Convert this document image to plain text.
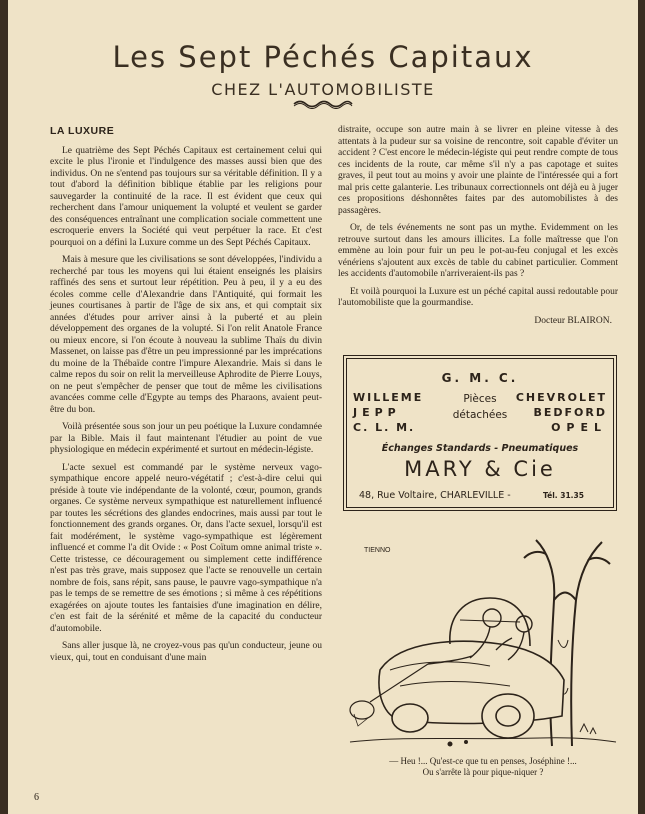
Les Sept Péchés Capitaux
CHEZ L'AUTOMOBILISTE

LA LUXURE

Le quatrième des Sept Péchés Capitaux est certainement celui qui excite le plus l'ironie et l'indulgence des masses aussi bien que des individus. On ne s'entend pas toujours sur sa véritable définition. Il y a tout d'abord la définition biblique établie par les religions pour sauvegarder la continuité de la race. Il est évident que ceux qui recherchent dans l'amour uniquement la volupté et veulent se garder des conséquences entraînant une complication sociale commettent une escroquerie envers la Société qui veut perpétuer la race. Et c'est pourquoi on a défini la Luxure comme un des Sept Péchés Capitaux.

Mais à mesure que les civilisations se sont développées, l'individu a recherché par tous les moyens qui lui étaient enseignés les plaisirs raffinés des sens et surtout leur répétition. Peu à peu, il y a eu des écoles comme celle d'Alexandrie dans l'Antiquité, qui formait les jeunes courtisanes à partir de l'âge de six ans, et qui comptait six années d'études pour arriver ainsi à la puberté et au plein développement des organes de la volupté. Si l'on relit Anatole France ou mieux encore, si l'on écoute à nouveau la sublime Thaïs du divin Massenet, on laisse pas d'être un peu impressionné par les imprécations du moine de la Thébaïde contre l'impure Alexandrie. Mais si dans le calme repos du soir on relit la merveilleuse Aphrodite de Pierre Louys, on ne peut s'empêcher de penser que tout de même les civilisations avancées comme celle d'Egypte au temps des Pharaons, avaient peut-être du bon.

Voilà présentée sous son jour un peu poétique la Luxure condamnée par la Bible. Mais il faut maintenant l'étudier au point de vue physiologique en médecin expérimenté et surtout en médecin-légiste.

L'acte sexuel est commandé par le système nerveux vago-sympathique encore appelé neuro-végétatif ; c'est-à-dire celui qui préside à toute vie indépendante de la volonté, cœur, poumon, grands organes. Ce système nerveux sympathique est naturellement influencé par toutes les sécrétions des glandes endocrines, mais aussi par tout le fonctionnement des grands organes. Or, dans l'acte sexuel, lorsqu'il est fait modérément, le système vago-sympathique est légèrement influencé et comme l'a dit Ovide : « Post Coïtum omne animal triste ». Cette tristesse, ce découragement ou simplement cette indifférence n'est pas très grave, mais supposez que l'acte se renouvelle un certain nombre de fois, sans répit, sans pause, le pauvre vago-sympathique n'a pas le temps de se remettre de ses émotions ; si même à ces répétitions exagérées on ajoute toutes les fantaisies d'une imagination en délire, c'en est fait de la sérénité et même de la capacité du conducteur d'automobile.

Sans aller jusque là, ne croyez-vous pas qu'un conducteur, jeune ou vieux, qui, tout en conduisant d'une main

distraite, occupe son autre main à se livrer en pleine vitesse à des attentats à la pudeur sur sa voisine de rencontre, soit capable d'éviter un accident ? C'est encore le médecin-légiste qui peut rendre compte de tous ces incidents de la route, car même s'il n'y a pas capotage et suites graves, il peut tout au moins y avoir une plainte de l'intéressée qui a fort mal pris cette galanterie. Les tribunaux correctionnels ont déjà eu à juger ces propositions déshonnêtes faites par des automobilistes à des passagères.

Or, de tels événements ne sont pas un mythe. Evidemment on les retrouve surtout dans les amours illicites. La folle maîtresse que l'on emmène au loin pour fuir un peu le pot-au-feu conjugal et les excès vénériens s'ajoutent aux excès de table du cabinet particulier. Comment les accidents d'automobile n'arriveraient-ils pas ?

Et voilà pourquoi la Luxure est un péché capital aussi redoutable pour l'automobiliste que la gourmandise.

Docteur BLAIRON.
G. M. C.
Pièces
détachées
WILLEME
JEPP
C. L. M.
CHEVROLET
BEDFORD
OPEL
Échanges Standards - Pneumatiques
MARY & Cie
48, Rue Voltaire, CHARLEVILLE -	Tél. 31.35
TIENNO
— Heu !... Qu'est-ce que tu en penses, Joséphine !...
Ou s'arrête là pour pique-niquer ?
6
